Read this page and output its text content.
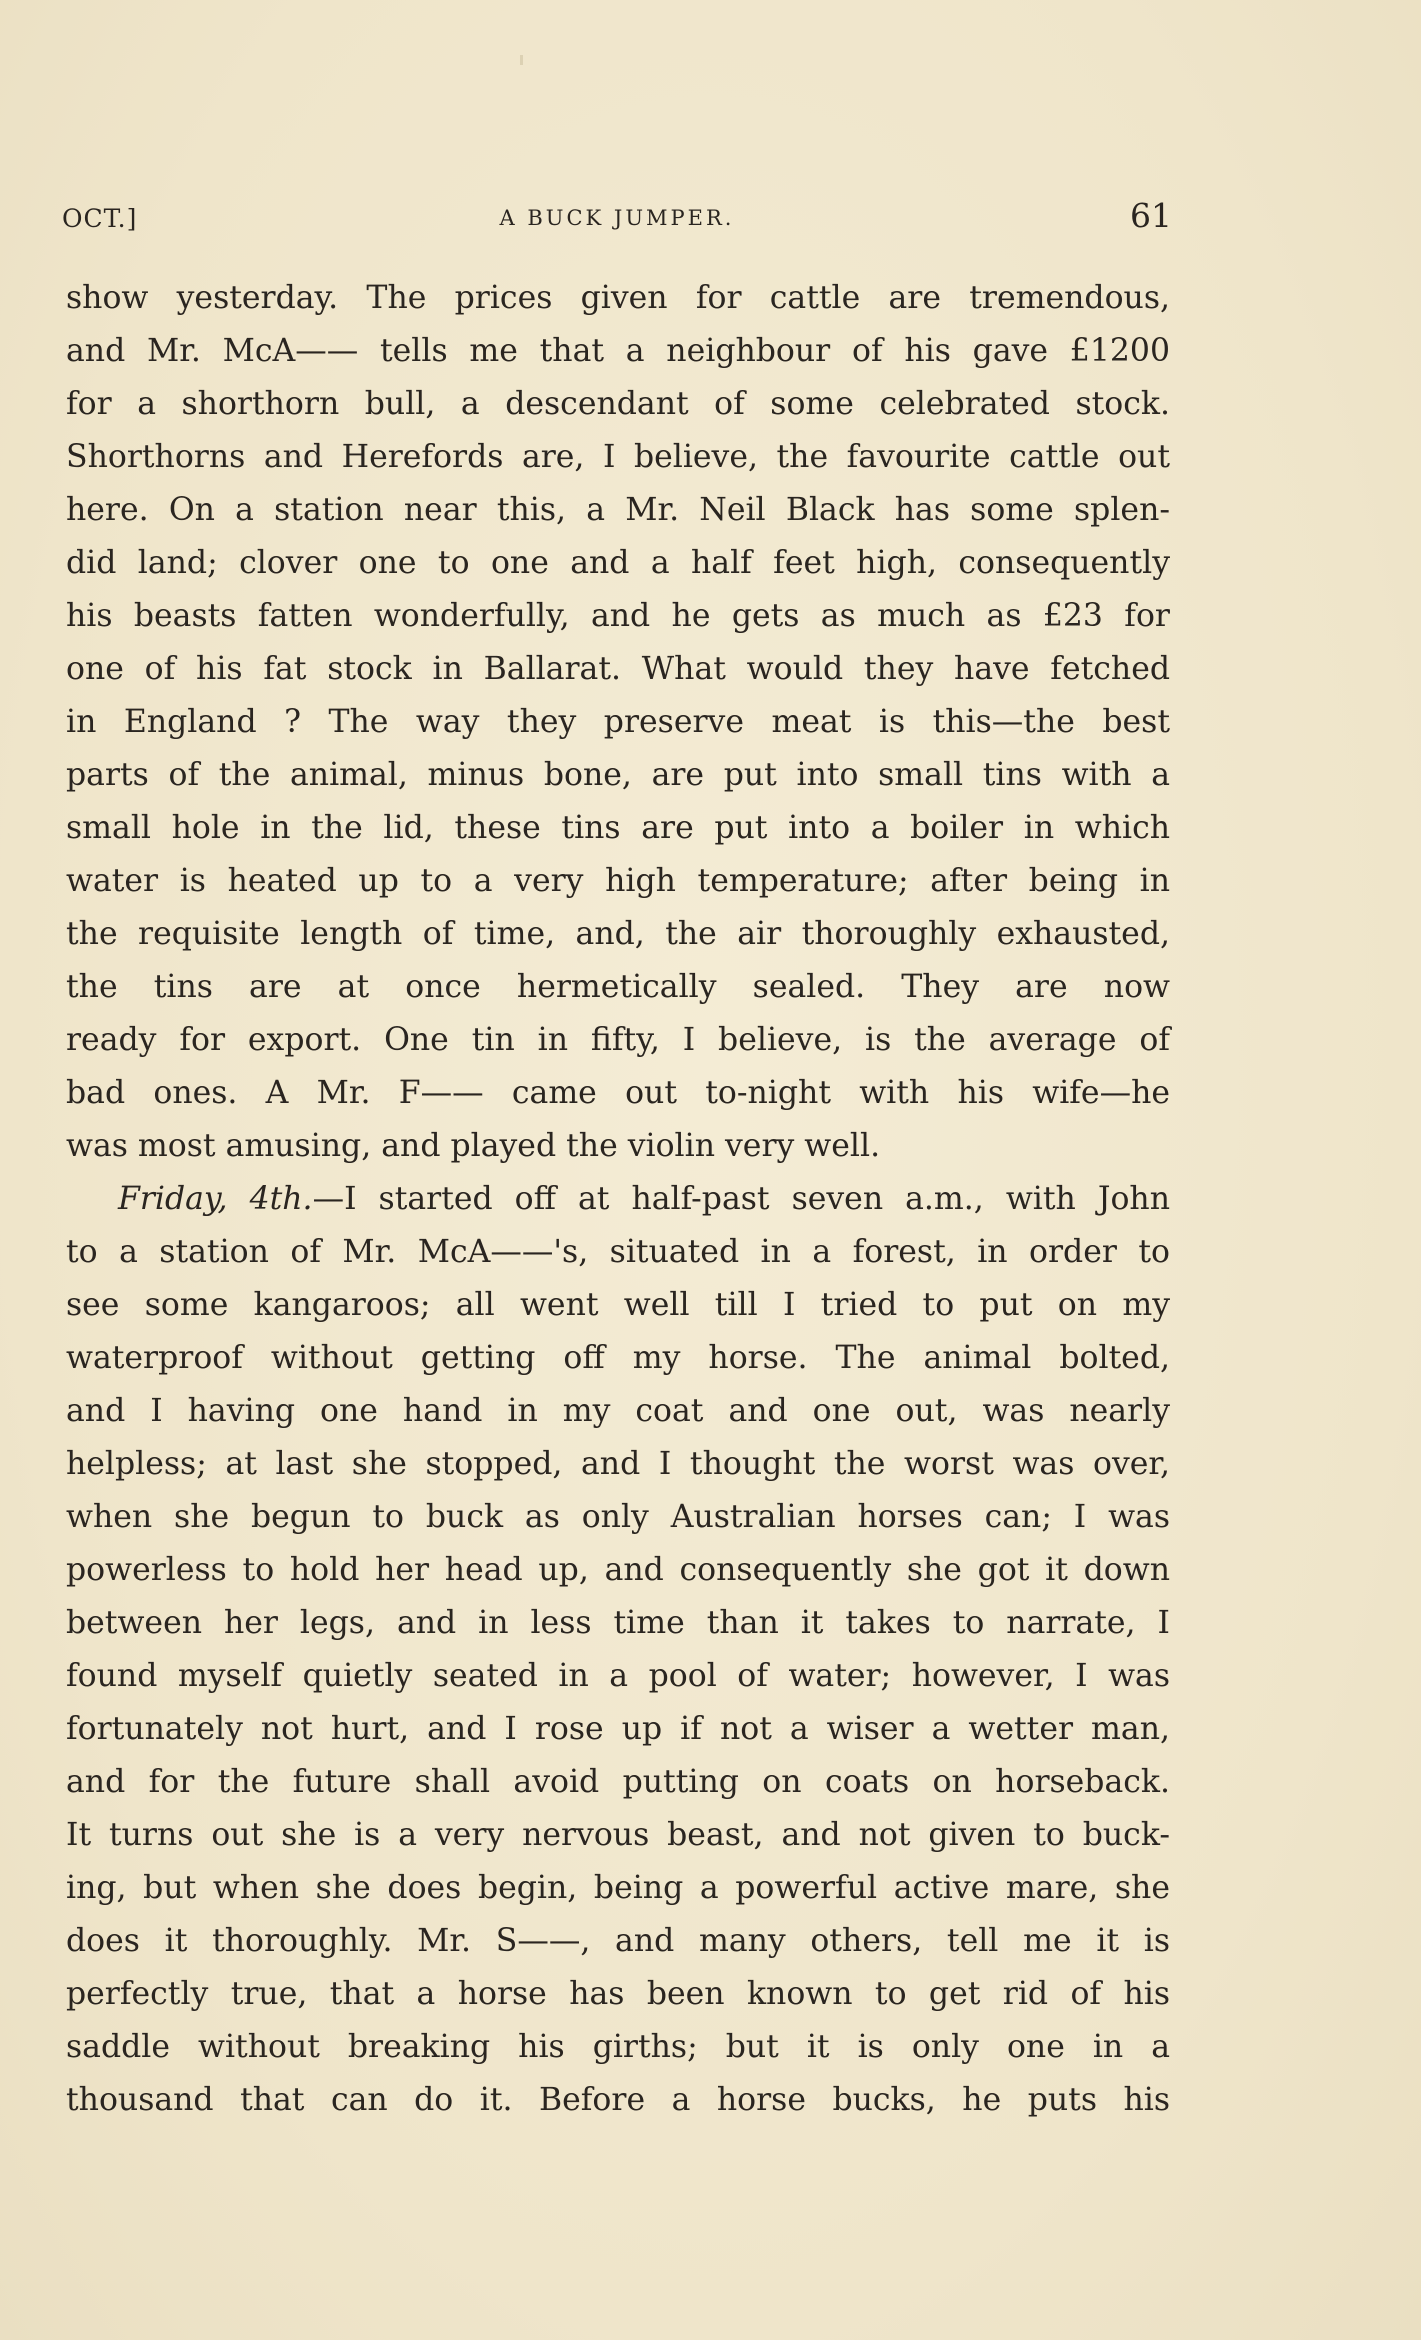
OCT.]	A BUCK JUMPER.	61
show yesterday. The prices given for cattle are tremendous,
and Mr. McA—— tells me that a neighbour of his gave £1200
for a shorthorn bull, a descendant of some celebrated stock.
Shorthorns and Herefords are, I believe, the favourite cattle out
here. On a station near this, a Mr. Neil Black has some splen-
did land; clover one to one and a half feet high, consequently
his beasts fatten wonderfully, and he gets as much as £23 for
one of his fat stock in Ballarat. What would they have fetched
in England ? The way they preserve meat is this—the best
parts of the animal, minus bone, are put into small tins with a
small hole in the lid, these tins are put into a boiler in which
water is heated up to a very high temperature; after being in
the requisite length of time, and, the air thoroughly exhausted,
the tins are at once hermetically sealed. They are now
ready for export. One tin in fifty, I believe, is the average of
bad ones. A Mr. F—— came out to-night with his wife—he
was most amusing, and played the violin very well.
Friday, 4th.—I started off at half-past seven a.m., with John
to a station of Mr. McA——'s, situated in a forest, in order to
see some kangaroos; all went well till I tried to put on my
waterproof without getting off my horse. The animal bolted,
and I having one hand in my coat and one out, was nearly
helpless; at last she stopped, and I thought the worst was over,
when she begun to buck as only Australian horses can; I was
powerless to hold her head up, and consequently she got it down
between her legs, and in less time than it takes to narrate, I
found myself quietly seated in a pool of water; however, I was
fortunately not hurt, and I rose up if not a wiser a wetter man,
and for the future shall avoid putting on coats on horseback.
It turns out she is a very nervous beast, and not given to buck-
ing, but when she does begin, being a powerful active mare, she
does it thoroughly. Mr. S——, and many others, tell me it is
perfectly true, that a horse has been known to get rid of his
saddle without breaking his girths; but it is only one in a
thousand that can do it. Before a horse bucks, he puts his
